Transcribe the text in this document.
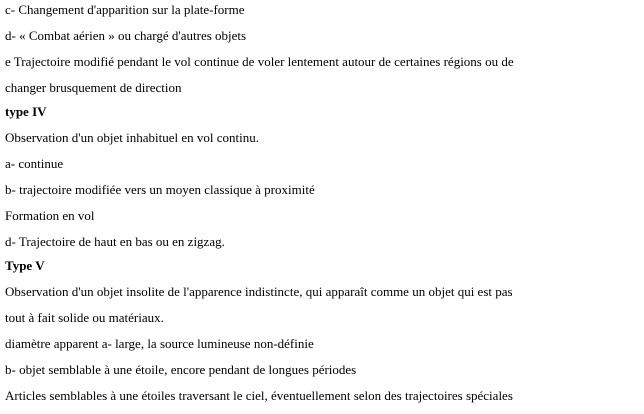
c- Changement d'apparition sur la plate-forme
d- « Combat aérien » ou chargé d'autres objets
e Trajectoire modifié pendant le vol continue de voler lentement autour de certaines régions ou de
changer brusquement de direction
type IV
Observation d'un objet inhabituel en vol continu.
a- continue
b- trajectoire modifiée vers un moyen classique à proximité
Formation en vol
d- Trajectoire de haut en bas ou en zigzag.
Type V
Observation d'un objet insolite de l'apparence indistincte, qui apparaît comme un objet qui est pas
tout à fait solide ou matériaux.
diamètre apparent a- large, la source lumineuse non-définie
b- objet semblable à une étoile, encore pendant de longues périodes
Articles semblables à une étoiles traversant le ciel, éventuellement selon des trajectoires spéciales
